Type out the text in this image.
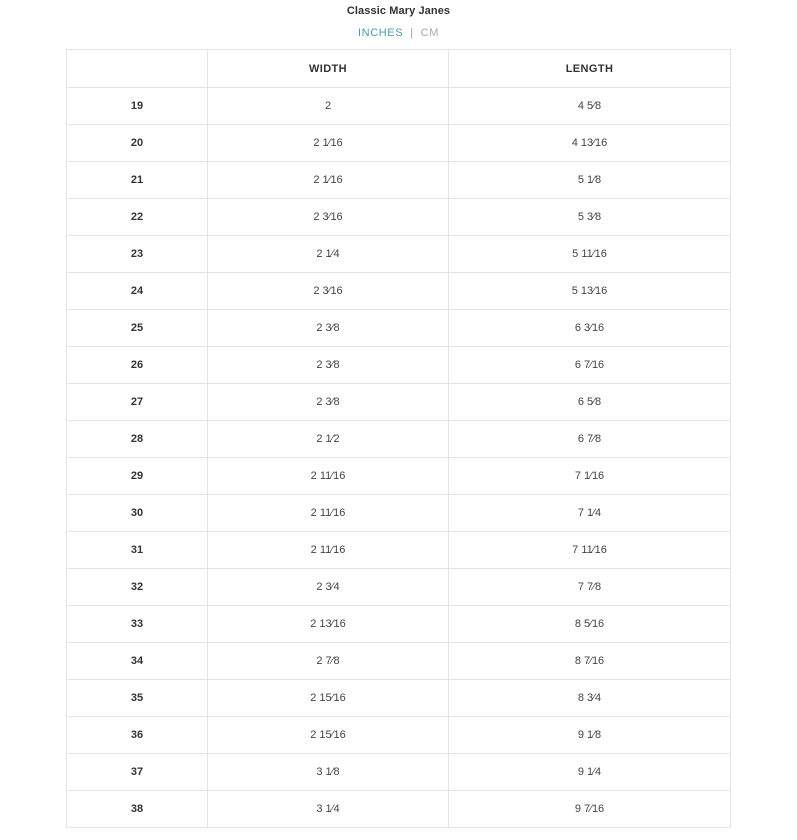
Classic Mary Janes
INCHES | CM
	WIDTH	LENGTH
19	2	4 5⁄8
20	2 1⁄16	4 13⁄16
21	2 1⁄16	5 1⁄8
22	2 3⁄16	5 3⁄8
23	2 1⁄4	5 11⁄16
24	2 3⁄16	5 13⁄16
25	2 3⁄8	6 3⁄16
26	2 3⁄8	6 7⁄16
27	2 3⁄8	6 5⁄8
28	2 1⁄2	6 7⁄8
29	2 11⁄16	7 1⁄16
30	2 11⁄16	7 1⁄4
31	2 11⁄16	7 11⁄16
32	2 3⁄4	7 7⁄8
33	2 13⁄16	8 5⁄16
34	2 7⁄8	8 7⁄16
35	2 15⁄16	8 3⁄4
36	2 15⁄16	9 1⁄8
37	3 1⁄8	9 1⁄4
38	3 1⁄4	9 7⁄16
